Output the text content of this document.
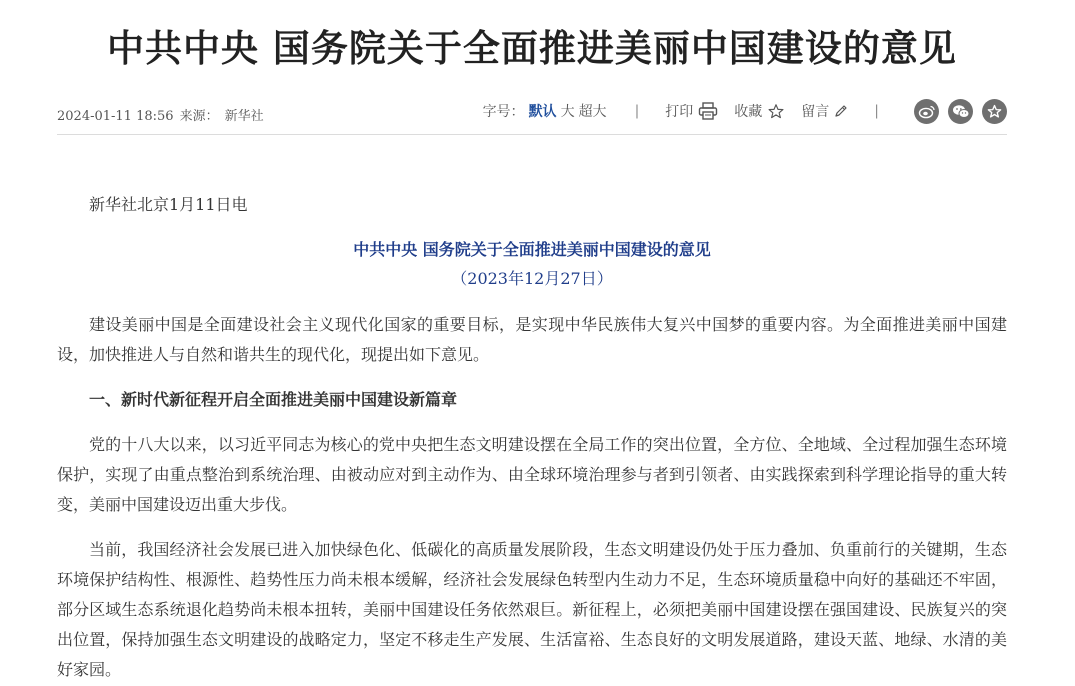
中共中央 国务院关于全面推进美丽中国建设的意见
2024-01-11 18:56 来源： 新华社	字号： 默认 大 超大 | 打印	收藏	留言	|

新华社北京1月11日电

中共中央 国务院关于全面推进美丽中国建设的意见

（2023年12月27日）

建设美丽中国是全面建设社会主义现代化国家的重要目标，是实现中华民族伟大复兴中国梦的重要内容。为全面推进美丽中国建设，加快推进人与自然和谐共生的现代化，现提出如下意见。

一、新时代新征程开启全面推进美丽中国建设新篇章

党的十八大以来，以习近平同志为核心的党中央把生态文明建设摆在全局工作的突出位置，全方位、全地域、全过程加强生态环境保护，实现了由重点整治到系统治理、由被动应对到主动作为、由全球环境治理参与者到引领者、由实践探索到科学理论指导的重大转变，美丽中国建设迈出重大步伐。

当前，我国经济社会发展已进入加快绿色化、低碳化的高质量发展阶段，生态文明建设仍处于压力叠加、负重前行的关键期，生态环境保护结构性、根源性、趋势性压力尚未根本缓解，经济社会发展绿色转型内生动力不足，生态环境质量稳中向好的基础还不牢固，部分区域生态系统退化趋势尚未根本扭转，美丽中国建设任务依然艰巨。新征程上，必须把美丽中国建设摆在强国建设、民族复兴的突出位置，保持加强生态文明建设的战略定力，坚定不移走生产发展、生活富裕、生态良好的文明发展道路，建设天蓝、地绿、水清的美好家园。
